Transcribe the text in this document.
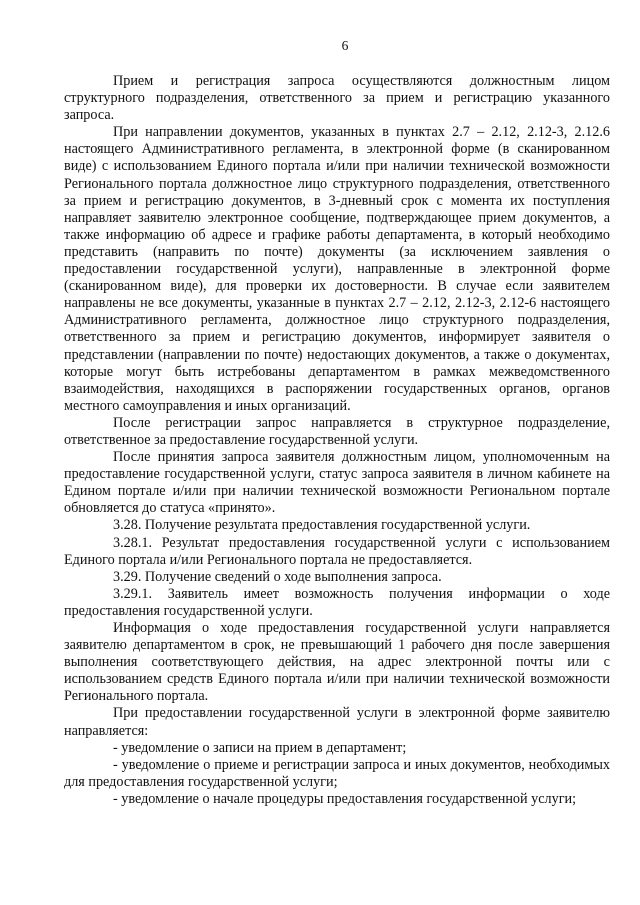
6

Прием и регистрация запроса осуществляются должностным лицом структурного подразделения, ответственного за прием и регистрацию указанного запроса.

При направлении документов, указанных в пунктах 2.7 – 2.12, 2.12-3, 2.12.6 настоящего Административного регламента, в электронной форме (в сканированном виде) с использованием Единого портала и/или при наличии технической возможности Регионального портала должностное лицо структурного подразделения, ответственного за прием и регистрацию документов, в 3-дневный срок с момента их поступления направляет заявителю электронное сообщение, подтверждающее прием документов, а также информацию об адресе и графике работы департамента, в который необходимо представить (направить по почте) документы (за исключением заявления о предоставлении государственной услуги), направленные в электронной форме (сканированном виде), для проверки их достоверности. В случае если заявителем направлены не все документы, указанные в пунктах 2.7 – 2.12, 2.12-3, 2.12-6 настоящего Административного регламента, должностное лицо структурного подразделения, ответственного за прием и регистрацию документов, информирует заявителя о представлении (направлении по почте) недостающих документов, а также о документах, которые могут быть истребованы департаментом в рамках межведомственного взаимодействия, находящихся в распоряжении государственных органов, органов местного самоуправления и иных организаций.

После регистрации запрос направляется в структурное подразделение, ответственное за предоставление государственной услуги.

После принятия запроса заявителя должностным лицом, уполномоченным на предоставление государственной услуги, статус запроса заявителя в личном кабинете на Едином портале и/или при наличии технической возможности Региональном портале обновляется до статуса «принято».

3.28. Получение результата предоставления государственной услуги.

3.28.1. Результат предоставления государственной услуги с использованием Единого портала и/или Регионального портала не предоставляется.

3.29. Получение сведений о ходе выполнения запроса.

3.29.1. Заявитель имеет возможность получения информации о ходе предоставления государственной услуги.

Информация о ходе предоставления государственной услуги направляется заявителю департаментом в срок, не превышающий 1 рабочего дня после завершения выполнения соответствующего действия, на адрес электронной почты или с использованием средств Единого портала и/или при наличии технической возможности Регионального портала.

При предоставлении государственной услуги в электронной форме заявителю направляется:

- уведомление о записи на прием в департамент;

- уведомление о приеме и регистрации запроса и иных документов, необходимых для предоставления государственной услуги;

- уведомление о начале процедуры предоставления государственной услуги;
